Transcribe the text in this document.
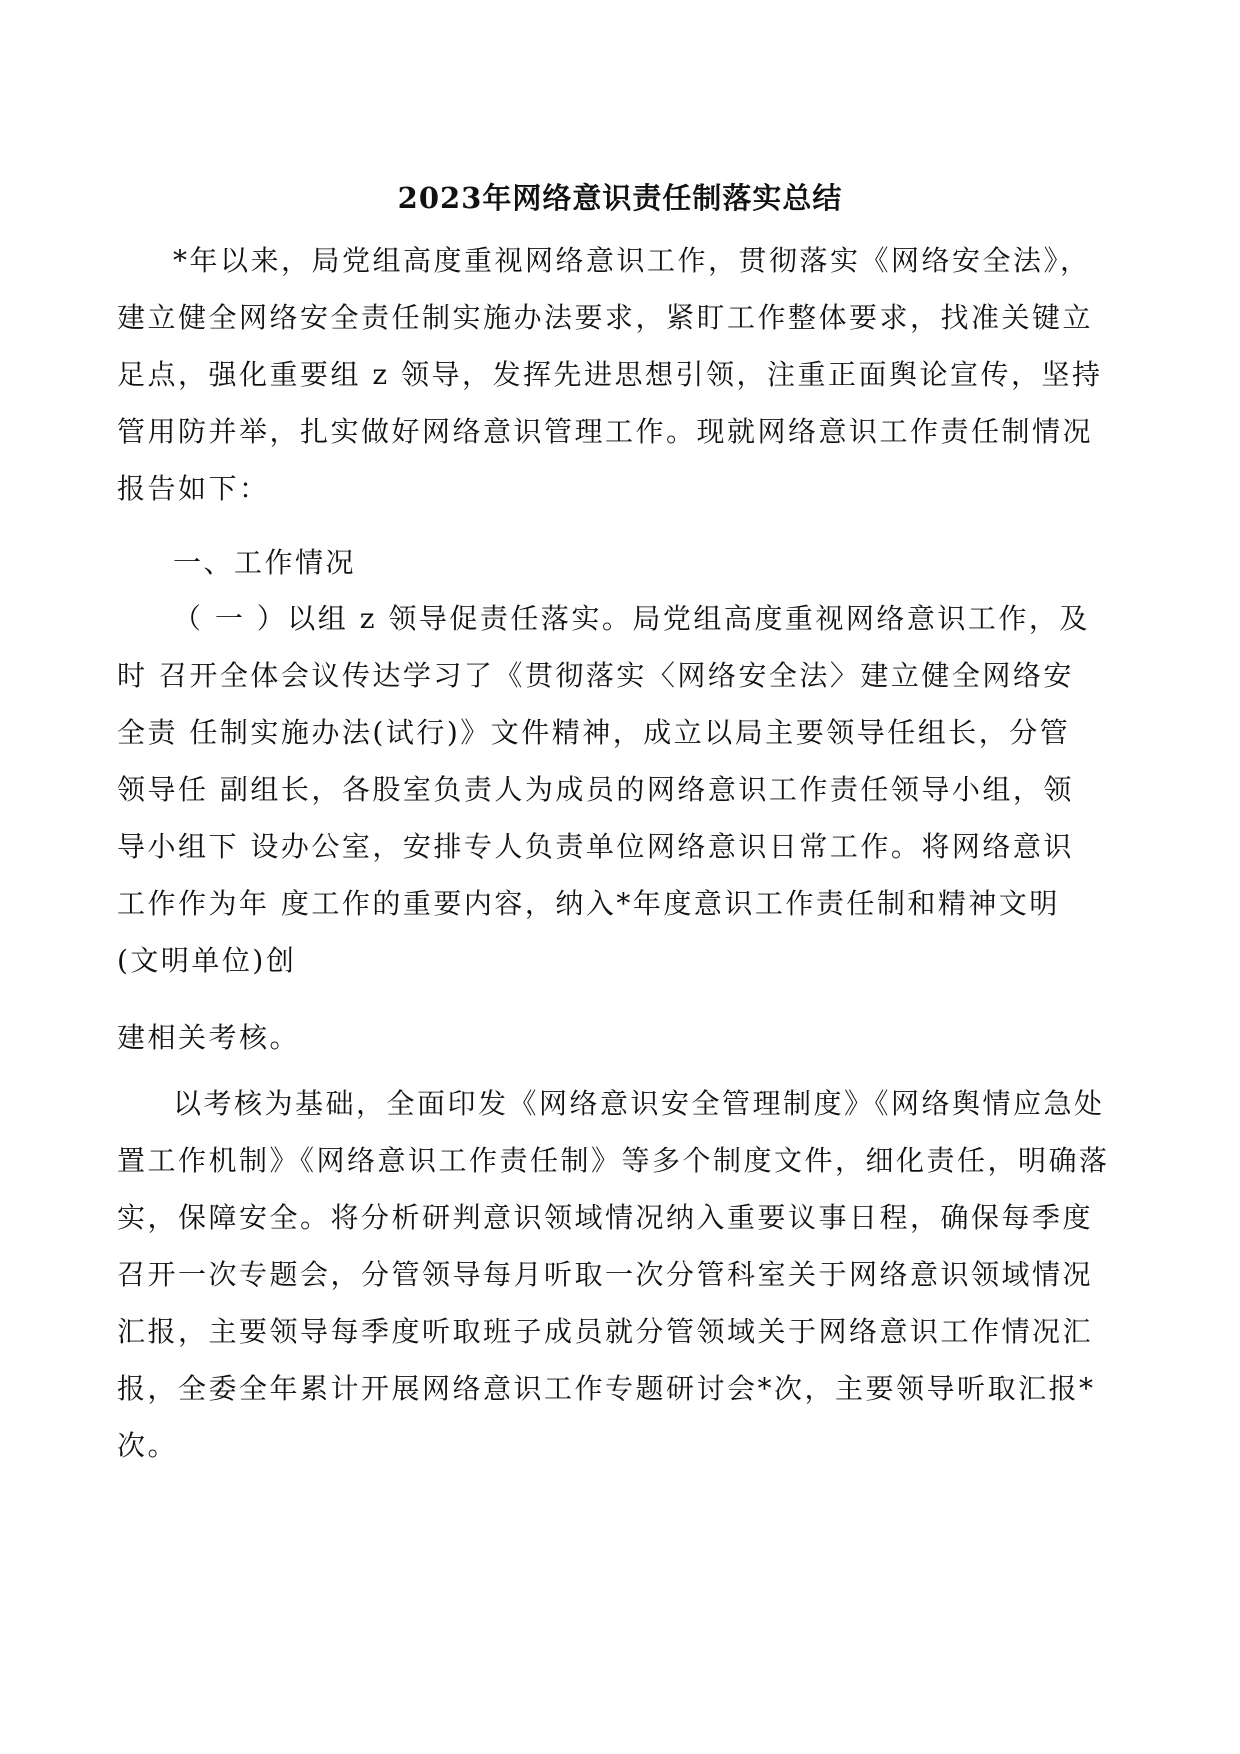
2023年网络意识责任制落实总结

*年以来，局党组高度重视网络意识工作，贯彻落实《网络安全法》，
建立健全网络安全责任制实施办法要求，紧盯工作整体要求，找准关键立
足点，强化重要组 z 领导，发挥先进思想引领，注重正面舆论宣传，坚持
管用防并举，扎实做好网络意识管理工作。现就网络意识工作责任制情况
报告如下：

一、工作情况

（ 一 ）以组 z 领导促责任落实。局党组高度重视网络意识工作，及
时 召开全体会议传达学习了《贯彻落实〈网络安全法〉建立健全网络安
全责 任制实施办法(试行)》文件精神，成立以局主要领导任组长，分管
领导任 副组长，各股室负责人为成员的网络意识工作责任领导小组，领
导小组下 设办公室，安排专人负责单位网络意识日常工作。将网络意识
工作作为年 度工作的重要内容，纳入*年度意识工作责任制和精神文明
(文明单位)创

建相关考核。

以考核为基础，全面印发《网络意识安全管理制度》《网络舆情应急处
置工作机制》《网络意识工作责任制》等多个制度文件，细化责任，明确落
实，保障安全。将分析研判意识领域情况纳入重要议事日程，确保每季度
召开一次专题会，分管领导每月听取一次分管科室关于网络意识领域情况
汇报，主要领导每季度听取班子成员就分管领域关于网络意识工作情况汇
报，全委全年累计开展网络意识工作专题研讨会*次，主要领导听取汇报*
次。
